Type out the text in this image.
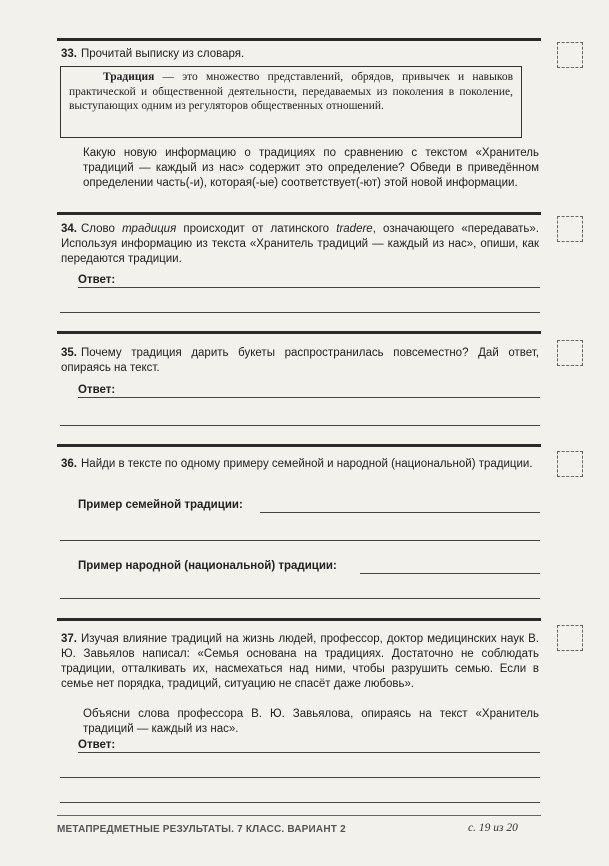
33. Прочитай выписку из словаря.
Традиция — это множество представлений, обрядов, привычек и навыков практической и общественной деятельности, передаваемых из поколения в поколение, выступающих одним из регуляторов общественных отношений.
Какую новую информацию о традициях по сравнению с текстом «Хранитель традиций — каждый из нас» содержит это определение? Обведи в приведённом определении часть(-и), которая(-ые) соответствует(-ют) этой новой информации.
34. Слово традиция происходит от латинского tradere, означающего «передавать». Используя информацию из текста «Хранитель традиций — каждый из нас», опиши, как передаются традиции.
Ответ:
35. Почему традиция дарить букеты распространилась повсеместно? Дай ответ, опираясь на текст.
Ответ:
36. Найди в тексте по одному примеру семейной и народной (национальной) традиции.
Пример семейной традиции:
Пример народной (национальной) традиции:
37. Изучая влияние традиций на жизнь людей, профессор, доктор медицинских наук В. Ю. Завьялов написал: «Семья основана на традициях. Достаточно не соблюдать традиции, отталкивать их, насмехаться над ними, чтобы разрушить семью. Если в семье нет порядка, традиций, ситуацию не спасёт даже любовь».
Объясни слова профессора В. Ю. Завьялова, опираясь на текст «Хранитель традиций — каждый из нас».
Ответ:
МЕТАПРЕДМЕТНЫЕ РЕЗУЛЬТАТЫ. 7 КЛАСС. ВАРИАНТ 2	с. 19 из 20
